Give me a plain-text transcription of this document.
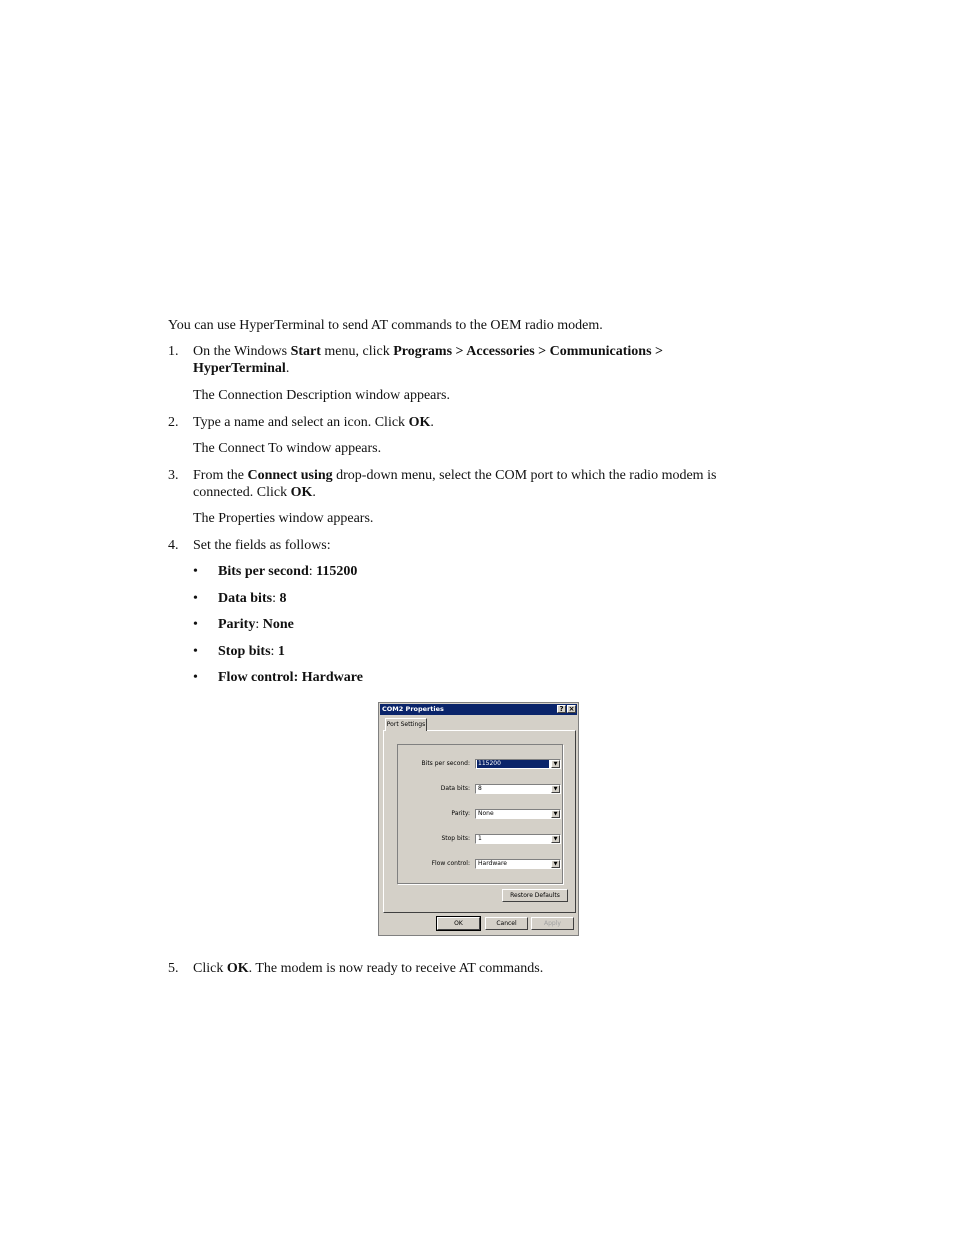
You can use HyperTerminal to send AT commands to the OEM radio modem.
1. On the Windows Start menu, click Programs > Accessories > Communications >
HyperTerminal.
The Connection Description window appears.
2. Type a name and select an icon. Click OK.
The Connect To window appears.
3. From the Connect using drop-down menu, select the COM port to which the radio modem is
connected. Click OK.
The Properties window appears.
4. Set the fields as follows:
• Bits per second: 115200
• Data bits: 8
• Parity: None
• Stop bits: 1
• Flow control: Hardware
COM2 Properties	? ×
Port Settings
Bits per second: 115200	▼
Data bits: 8	▼
Parity: None	▼
Stop bits: 1	▼
Flow control: Hardware	▼
Restore Defaults
OK	Cancel	Apply
5. Click OK. The modem is now ready to receive AT commands.
